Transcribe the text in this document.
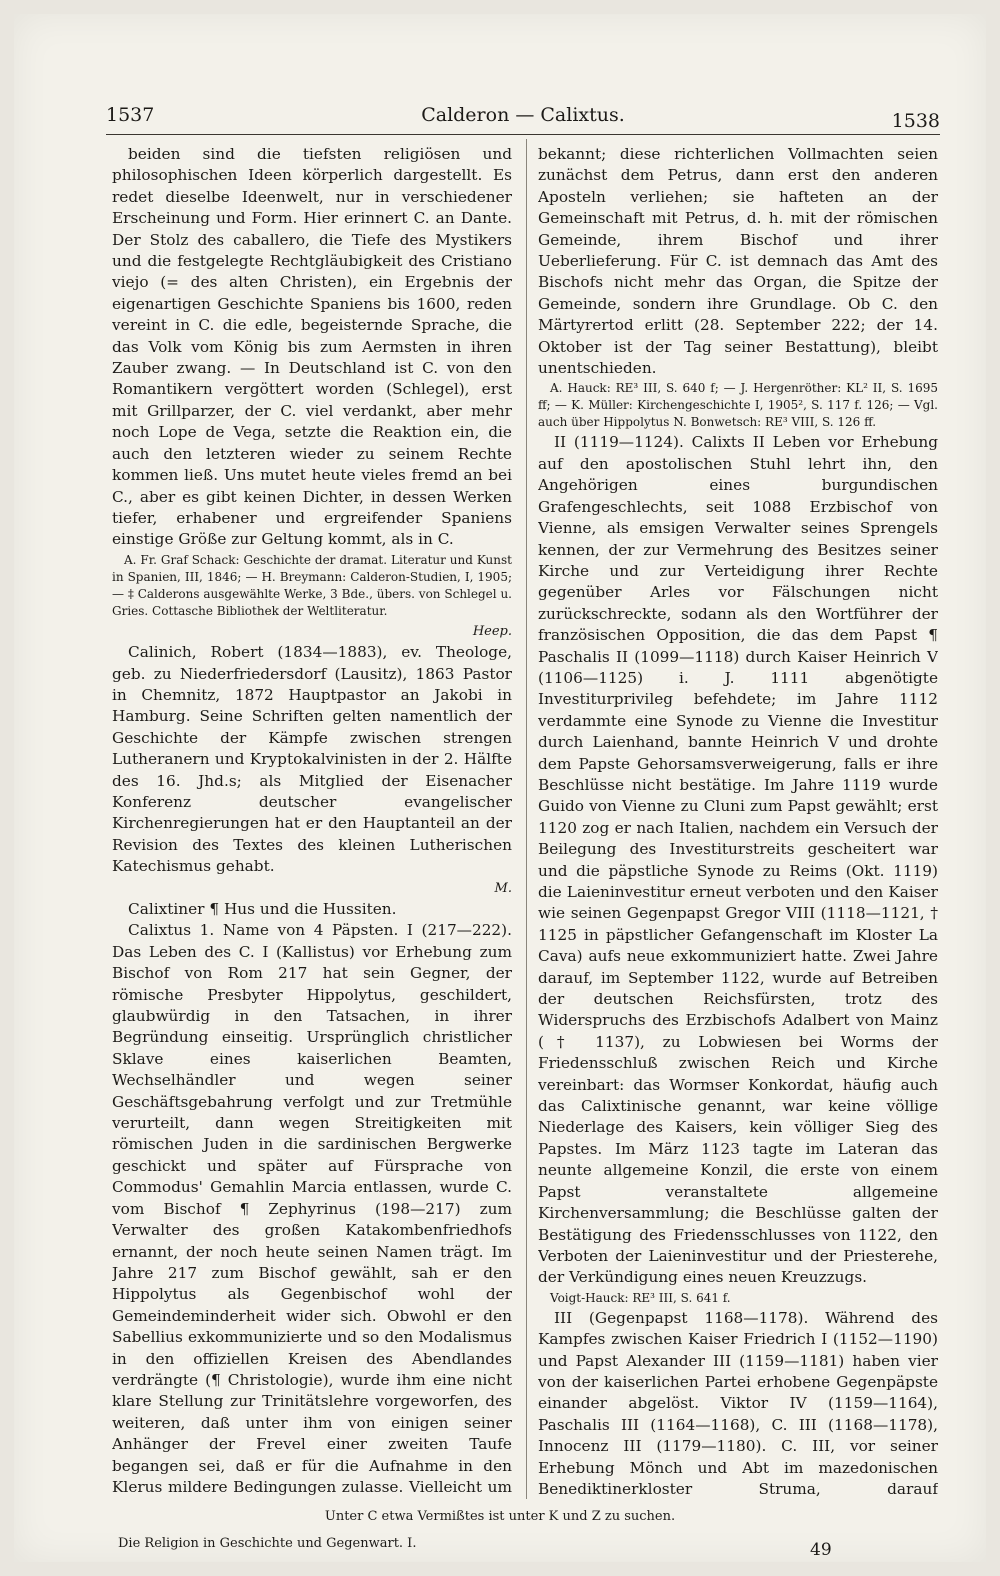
1537	Calderon — Calixtus.	1538

beiden sind die tiefsten religiösen und philosophischen Ideen körperlich dargestellt. Es redet dieselbe Ideenwelt, nur in verschiedener Erscheinung und Form. Hier erinnert C. an Dante. Der Stolz des caballero, die Tiefe des Mystikers und die festgelegte Rechtgläubigkeit des Cristiano viejo (= des alten Christen), ein Ergebnis der eigenartigen Geschichte Spaniens bis 1600, reden vereint in C. die edle, begeisternde Sprache, die das Volk vom König bis zum Aermsten in ihren Zauber zwang. — In Deutschland ist C. von den Romantikern vergöttert worden (Schlegel), erst mit Grillparzer, der C. viel verdankt, aber mehr noch Lope de Vega, setzte die Reaktion ein, die auch den letzteren wieder zu seinem Rechte kommen ließ. Uns mutet heute vieles fremd an bei C., aber es gibt keinen Dichter, in dessen Werken tiefer, erhabener und ergreifender Spaniens einstige Größe zur Geltung kommt, als in C.

A. Fr. Graf Schack: Geschichte der dramat. Literatur und Kunst in Spanien, III, 1846; — H. Breymann: Calderon-Studien, I, 1905; — ‡ Calderons ausgewählte Werke, 3 Bde., übers. von Schlegel u. Gries. Cottasche Bibliothek der Weltliteratur.

Heep.

Calinich, Robert (1834—1883), ev. Theologe, geb. zu Niederfriedersdorf (Lausitz), 1863 Pastor in Chemnitz, 1872 Hauptpastor an Jakobi in Hamburg. Seine Schriften gelten namentlich der Geschichte der Kämpfe zwischen strengen Lutheranern und Kryptokalvinisten in der 2. Hälfte des 16. Jhd.s; als Mitglied der Eisenacher Konferenz deutscher evangelischer Kirchenregierungen hat er den Hauptanteil an der Revision des Textes des kleinen Lutherischen Katechismus gehabt.

M.

Calixtiner ¶ Hus und die Hussiten.

Calixtus 1. Name von 4 Päpsten. I (217—222). Das Leben des C. I (Kallistus) vor Erhebung zum Bischof von Rom 217 hat sein Gegner, der römische Presbyter Hippolytus, geschildert, glaubwürdig in den Tatsachen, in ihrer Begründung einseitig. Ursprünglich christlicher Sklave eines kaiserlichen Beamten, Wechselhändler und wegen seiner Geschäftsgebahrung verfolgt und zur Tretmühle verurteilt, dann wegen Streitigkeiten mit römischen Juden in die sardinischen Bergwerke geschickt und später auf Fürsprache von Commodus' Gemahlin Marcia entlassen, wurde C. vom Bischof ¶ Zephyrinus (198—217) zum Verwalter des großen Katakombenfriedhofs ernannt, der noch heute seinen Namen trägt. Im Jahre 217 zum Bischof gewählt, sah er den Hippolytus als Gegenbischof wohl der Gemeindeminderheit wider sich. Obwohl er den Sabellius exkommunizierte und so den Modalismus in den offiziellen Kreisen des Abendlandes verdrängte (¶ Christologie), wurde ihm eine nicht klare Stellung zur Trinitätslehre vorgeworfen, des weiteren, daß unter ihm von einigen seiner Anhänger der Frevel einer zweiten Taufe begangen sei, daß er für die Aufnahme in den Klerus mildere Bedingungen zulasse. Vielleicht um

bekannt; diese richterlichen Vollmachten seien zunächst dem Petrus, dann erst den anderen Aposteln verliehen; sie hafteten an der Gemeinschaft mit Petrus, d. h. mit der römischen Gemeinde, ihrem Bischof und ihrer Ueberlieferung. Für C. ist demnach das Amt des Bischofs nicht mehr das Organ, die Spitze der Gemeinde, sondern ihre Grundlage. Ob C. den Märtyrertod erlitt (28. September 222; der 14. Oktober ist der Tag seiner Bestattung), bleibt unentschieden.

A. Hauck: RE³ III, S. 640 f; — J. Hergenröther: KL² II, S. 1695 ff; — K. Müller: Kirchengeschichte I, 1905², S. 117 f. 126; — Vgl. auch über Hippolytus N. Bonwetsch: RE³ VIII, S. 126 ff.

II (1119—1124). Calixts II Leben vor Erhebung auf den apostolischen Stuhl lehrt ihn, den Angehörigen eines burgundischen Grafengeschlechts, seit 1088 Erzbischof von Vienne, als emsigen Verwalter seines Sprengels kennen, der zur Vermehrung des Besitzes seiner Kirche und zur Verteidigung ihrer Rechte gegenüber Arles vor Fälschungen nicht zurückschreckte, sodann als den Wortführer der französischen Opposition, die das dem Papst ¶ Paschalis II (1099—1118) durch Kaiser Heinrich V (1106—1125) i. J. 1111 abgenötigte Investiturprivileg befehdete; im Jahre 1112 verdammte eine Synode zu Vienne die Investitur durch Laienhand, bannte Heinrich V und drohte dem Papste Gehorsamsverweigerung, falls er ihre Beschlüsse nicht bestätige. Im Jahre 1119 wurde Guido von Vienne zu Cluni zum Papst gewählt; erst 1120 zog er nach Italien, nachdem ein Versuch der Beilegung des Investiturstreits gescheitert war und die päpstliche Synode zu Reims (Okt. 1119) die Laieninvestitur erneut verboten und den Kaiser wie seinen Gegenpapst Gregor VIII (1118—1121, † 1125 in päpstlicher Gefangenschaft im Kloster La Cava) aufs neue exkommuniziert hatte. Zwei Jahre darauf, im September 1122, wurde auf Betreiben der deutschen Reichsfürsten, trotz des Widerspruchs des Erzbischofs Adalbert von Mainz († 1137), zu Lobwiesen bei Worms der Friedensschluß zwischen Reich und Kirche vereinbart: das Wormser Konkordat, häufig auch das Calixtinische genannt, war keine völlige Niederlage des Kaisers, kein völliger Sieg des Papstes. Im März 1123 tagte im Lateran das neunte allgemeine Konzil, die erste von einem Papst veranstaltete allgemeine Kirchenversammlung; die Beschlüsse galten der Bestätigung des Friedensschlusses von 1122, den Verboten der Laieninvestitur und der Priesterehe, der Verkündigung eines neuen Kreuzzugs.

Voigt-Hauck: RE³ III, S. 641 f.

III (Gegenpapst 1168—1178). Während des Kampfes zwischen Kaiser Friedrich I (1152—1190) und Papst Alexander III (1159—1181) haben vier von der kaiserlichen Partei erhobene Gegenpäpste einander abgelöst. Viktor IV (1159—1164), Paschalis III (1164—1168), C. III (1168—1178), Innocenz III (1179—1180). C. III, vor seiner Erhebung Mönch und Abt im mazedonischen Benediktinerkloster Struma, darauf

Unter C etwa Vermißtes ist unter K und Z zu suchen.
Die Religion in Geschichte und Gegenwart. I.	49
